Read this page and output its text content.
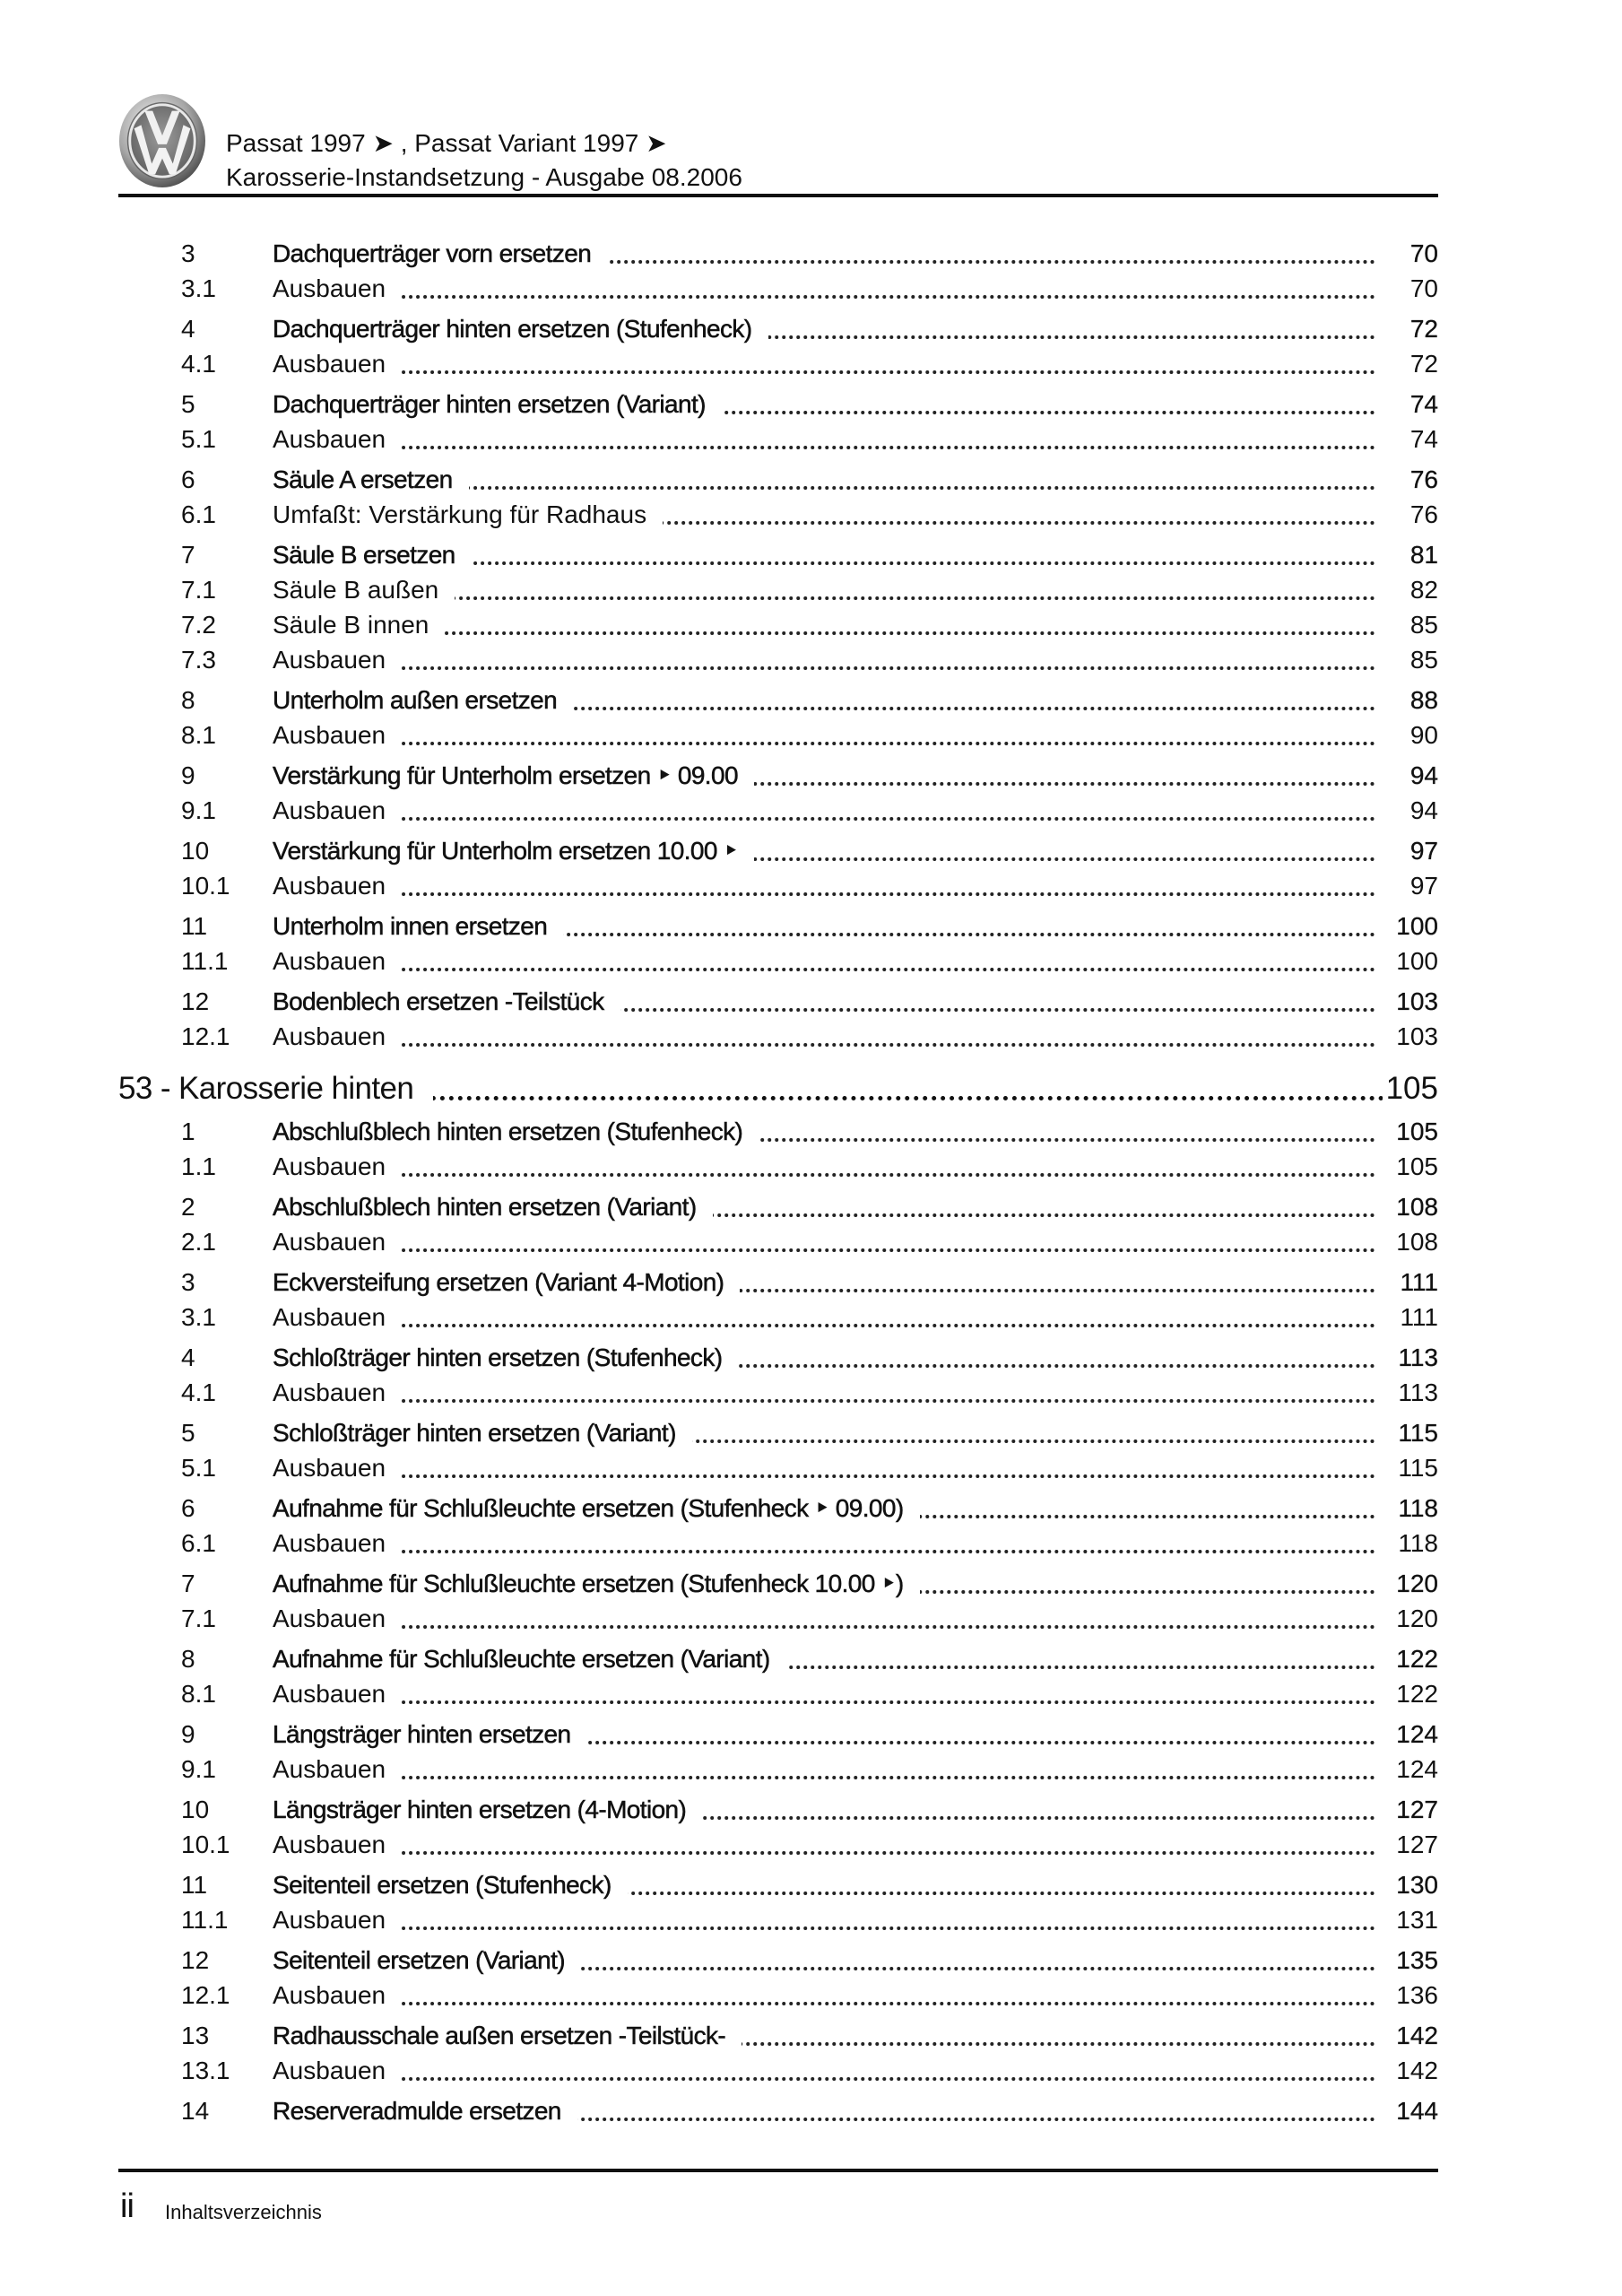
Passat 1997 ➤ , Passat Variant 1997 ➤
Karosserie-Instandsetzung - Ausgabe 08.2006
3	Dachquerträger vorn ersetzen	70
3.1 Ausbauen	70
4	Dachquerträger hinten ersetzen (Stufenheck)	72
4.1 Ausbauen	72
5	Dachquerträger hinten ersetzen (Variant)	74
5.1 Ausbauen	74
6	Säule A ersetzen	76
6.1 Umfaßt: Verstärkung für Radhaus	76
7	Säule B ersetzen	81
7.1 Säule B außen	82
7.2 Säule B innen	85
7.3 Ausbauen	85
8	Unterholm außen ersetzen	88
8.1 Ausbauen	90
9	Verstärkung für Unterholm ersetzen ‣ 09.00	94
9.1 Ausbauen	94
10	Verstärkung für Unterholm ersetzen 10.00 ‣	97
10.1 Ausbauen	97
11	Unterholm innen ersetzen	100
11.1 Ausbauen	100
12	Bodenblech ersetzen -Teilstück	103
12.1 Ausbauen	103
53 - Karosserie hinten	105
1	Abschlußblech hinten ersetzen (Stufenheck)	105
1.1 Ausbauen	105
2	Abschlußblech hinten ersetzen (Variant)	108
2.1 Ausbauen	108
3	Eckversteifung ersetzen (Variant 4-Motion)	111
3.1 Ausbauen	111
4	Schloßträger hinten ersetzen (Stufenheck)	113
4.1 Ausbauen	113
5	Schloßträger hinten ersetzen (Variant)	115
5.1 Ausbauen	115
6	Aufnahme für Schlußleuchte ersetzen (Stufenheck ‣ 09.00)	118
6.1 Ausbauen	118
7	Aufnahme für Schlußleuchte ersetzen (Stufenheck 10.00 ‣)	120
7.1 Ausbauen	120
8	Aufnahme für Schlußleuchte ersetzen (Variant)	122
8.1 Ausbauen	122
9	Längsträger hinten ersetzen	124
9.1 Ausbauen	124
10	Längsträger hinten ersetzen (4-Motion)	127
10.1 Ausbauen	127
11	Seitenteil ersetzen (Stufenheck)	130
11.1 Ausbauen	131
12	Seitenteil ersetzen (Variant)	135
12.1 Ausbauen	136
13	Radhausschale außen ersetzen -Teilstück-	142
13.1 Ausbauen	142
14	Reserveradmulde ersetzen	144
ii Inhaltsverzeichnis
